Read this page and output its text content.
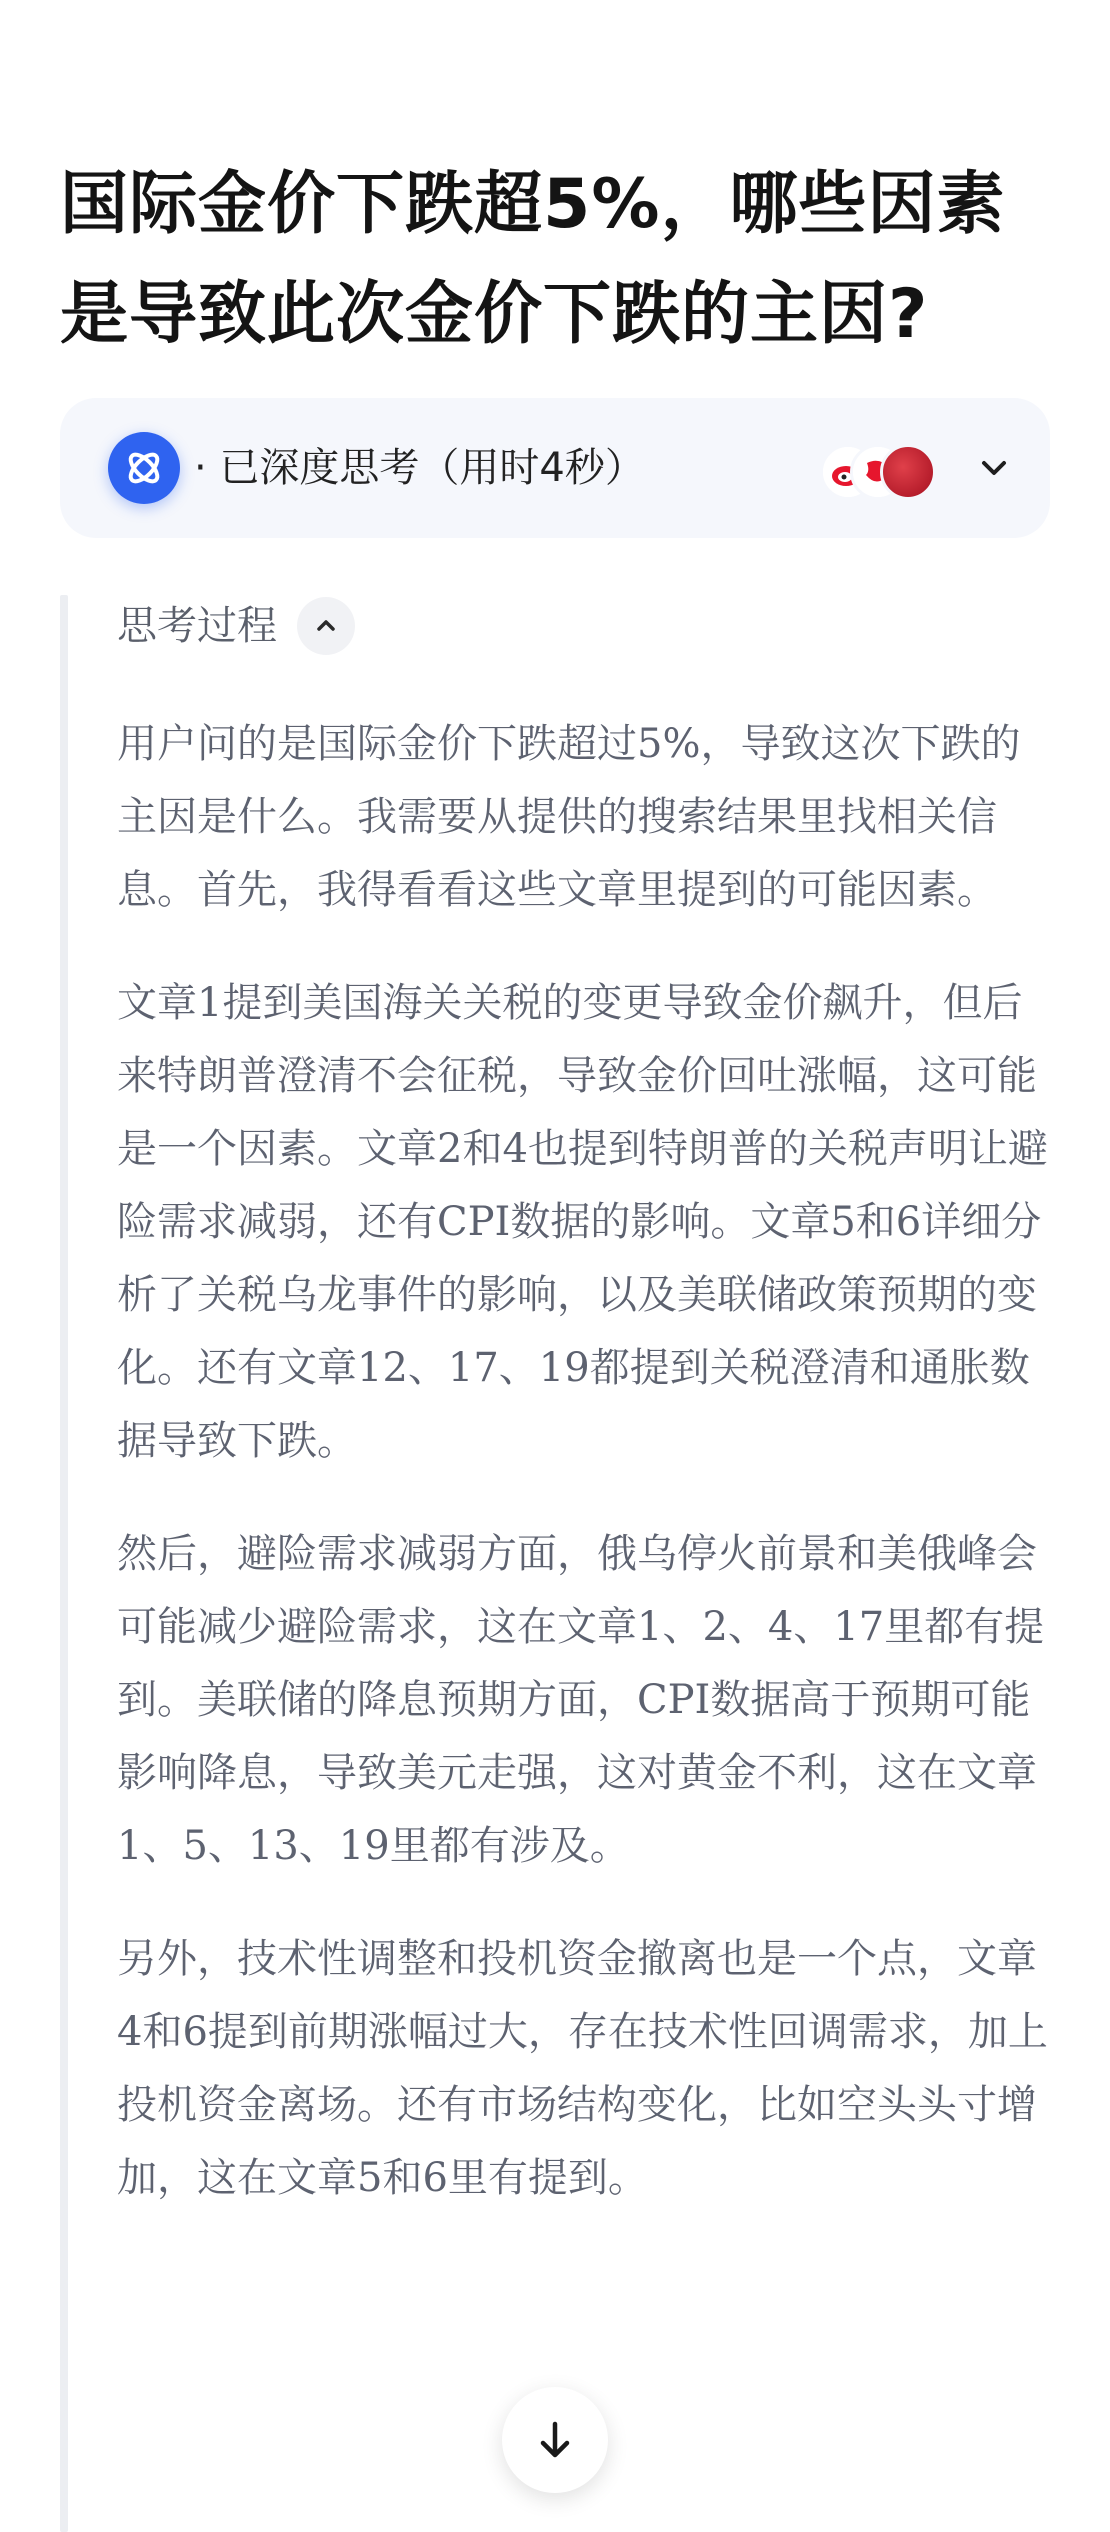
国际金价下跌超5%，哪些因素是导致此次金价下跌的主因?
· 已深度思考（用时4秒）
思考过程

用户问的是国际金价下跌超过5%，导致这次下跌的主因是什么。我需要从提供的搜索结果里找相关信息。首先，我得看看这些文章里提到的可能因素。

文章1提到美国海关关税的变更导致金价飙升，但后来特朗普澄清不会征税，导致金价回吐涨幅，这可能是一个因素。文章2和4也提到特朗普的关税声明让避险需求减弱，还有CPI数据的影响。文章5和6详细分析了关税乌龙事件的影响，以及美联储政策预期的变化。还有文章12、17、19都提到关税澄清和通胀数据导致下跌。

然后，避险需求减弱方面，俄乌停火前景和美俄峰会可能减少避险需求，这在文章1、2、4、17里都有提到。美联储的降息预期方面，CPI数据高于预期可能影响降息，导致美元走强，这对黄金不利，这在文章1、5、13、19里都有涉及。

另外，技术性调整和投机资金撤离也是一个点，文章4和6提到前期涨幅过大，存在技术性回调需求，加上投机资金离场。还有市场结构变化，比如空头头寸增加，这在文章5和6里有提到。
